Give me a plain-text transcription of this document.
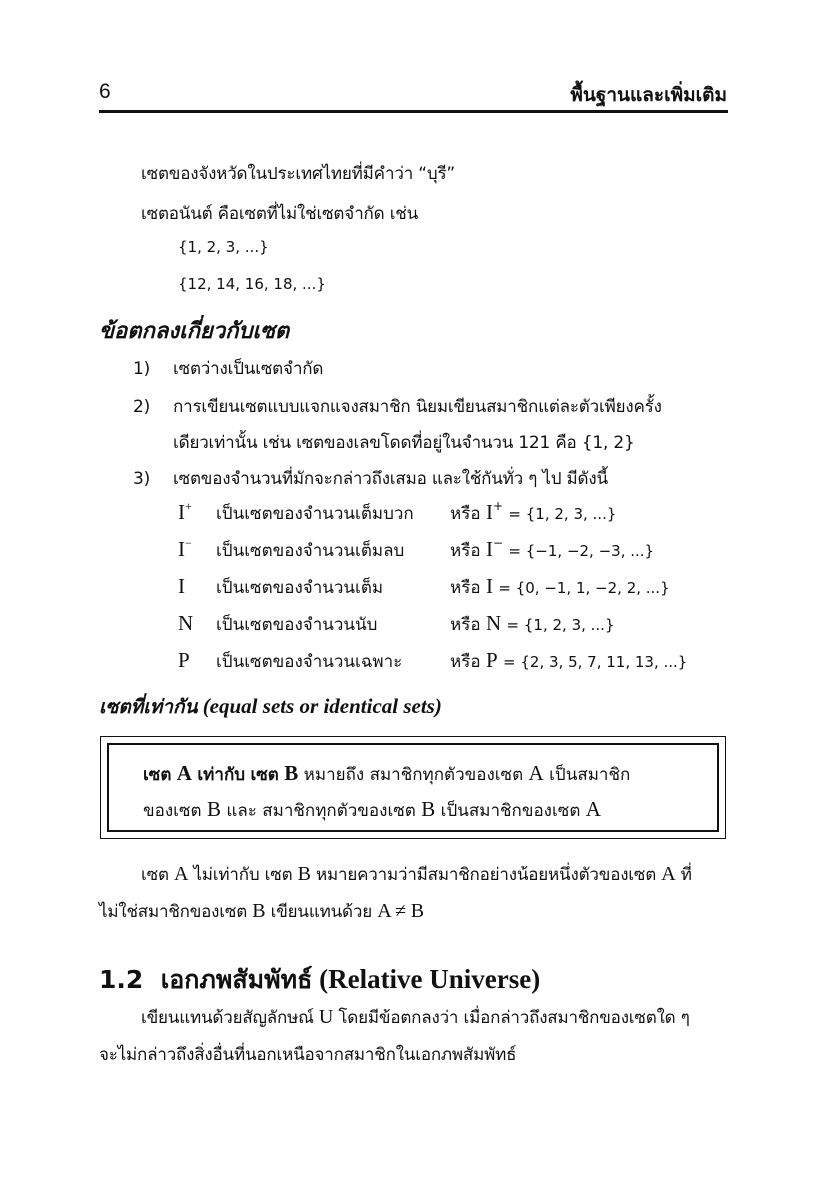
6	พื้นฐานและเพิ่มเติม
เซตของจังหวัดในประเทศไทยที่มีคำว่า “บุรี”
เซตอนันต์ คือเซตที่ไม่ใช่เซตจำกัด เช่น
{1, 2, 3, ...}
{12, 14, 16, 18, ...}
ข้อตกลงเกี่ยวกับเซต
1) เซตว่างเป็นเซตจำกัด
2) การเขียนเซตแบบแจกแจงสมาชิก นิยมเขียนสมาชิกแต่ละตัวเพียงครั้ง
เดียวเท่านั้น เช่น เซตของเลขโดดที่อยู่ในจำนวน 121 คือ {1, 2}
3) เซตของจำนวนที่มักจะกล่าวถึงเสมอ และใช้กันทั่ว ๆ ไป มีดังนี้
I+ เป็นเซตของจำนวนเต็มบวก หรือ I+ = {1, 2, 3, ...}
I− เป็นเซตของจำนวนเต็มลบ	หรือ I− = {−1, −2, −3, ...}
I เป็นเซตของจำนวนเต็ม	หรือ I = {0, −1, 1, −2, 2, ...}
N เป็นเซตของจำนวนนับ	หรือ N = {1, 2, 3, ...}
P เป็นเซตของจำนวนเฉพาะ	หรือ P = {2, 3, 5, 7, 11, 13, ...}
เซตที่เท่ากัน (equal sets or identical sets)
เซต A เท่ากับ เซต B หมายถึง สมาชิกทุกตัวของเซต A เป็นสมาชิก
ของเซต B และ สมาชิกทุกตัวของเซต B เป็นสมาชิกของเซต A
เซต A ไม่เท่ากับ เซต B หมายความว่ามีสมาชิกอย่างน้อยหนึ่งตัวของเซต A ที่
ไม่ใช่สมาชิกของเซต B เขียนแทนด้วย A ≠ B
1.2 เอกภพสัมพัทธ์ (Relative Universe)
เขียนแทนด้วยสัญลักษณ์ U โดยมีข้อตกลงว่า เมื่อกล่าวถึงสมาชิกของเซตใด ๆ
จะไม่กล่าวถึงสิ่งอื่นที่นอกเหนือจากสมาชิกในเอกภพสัมพัทธ์
